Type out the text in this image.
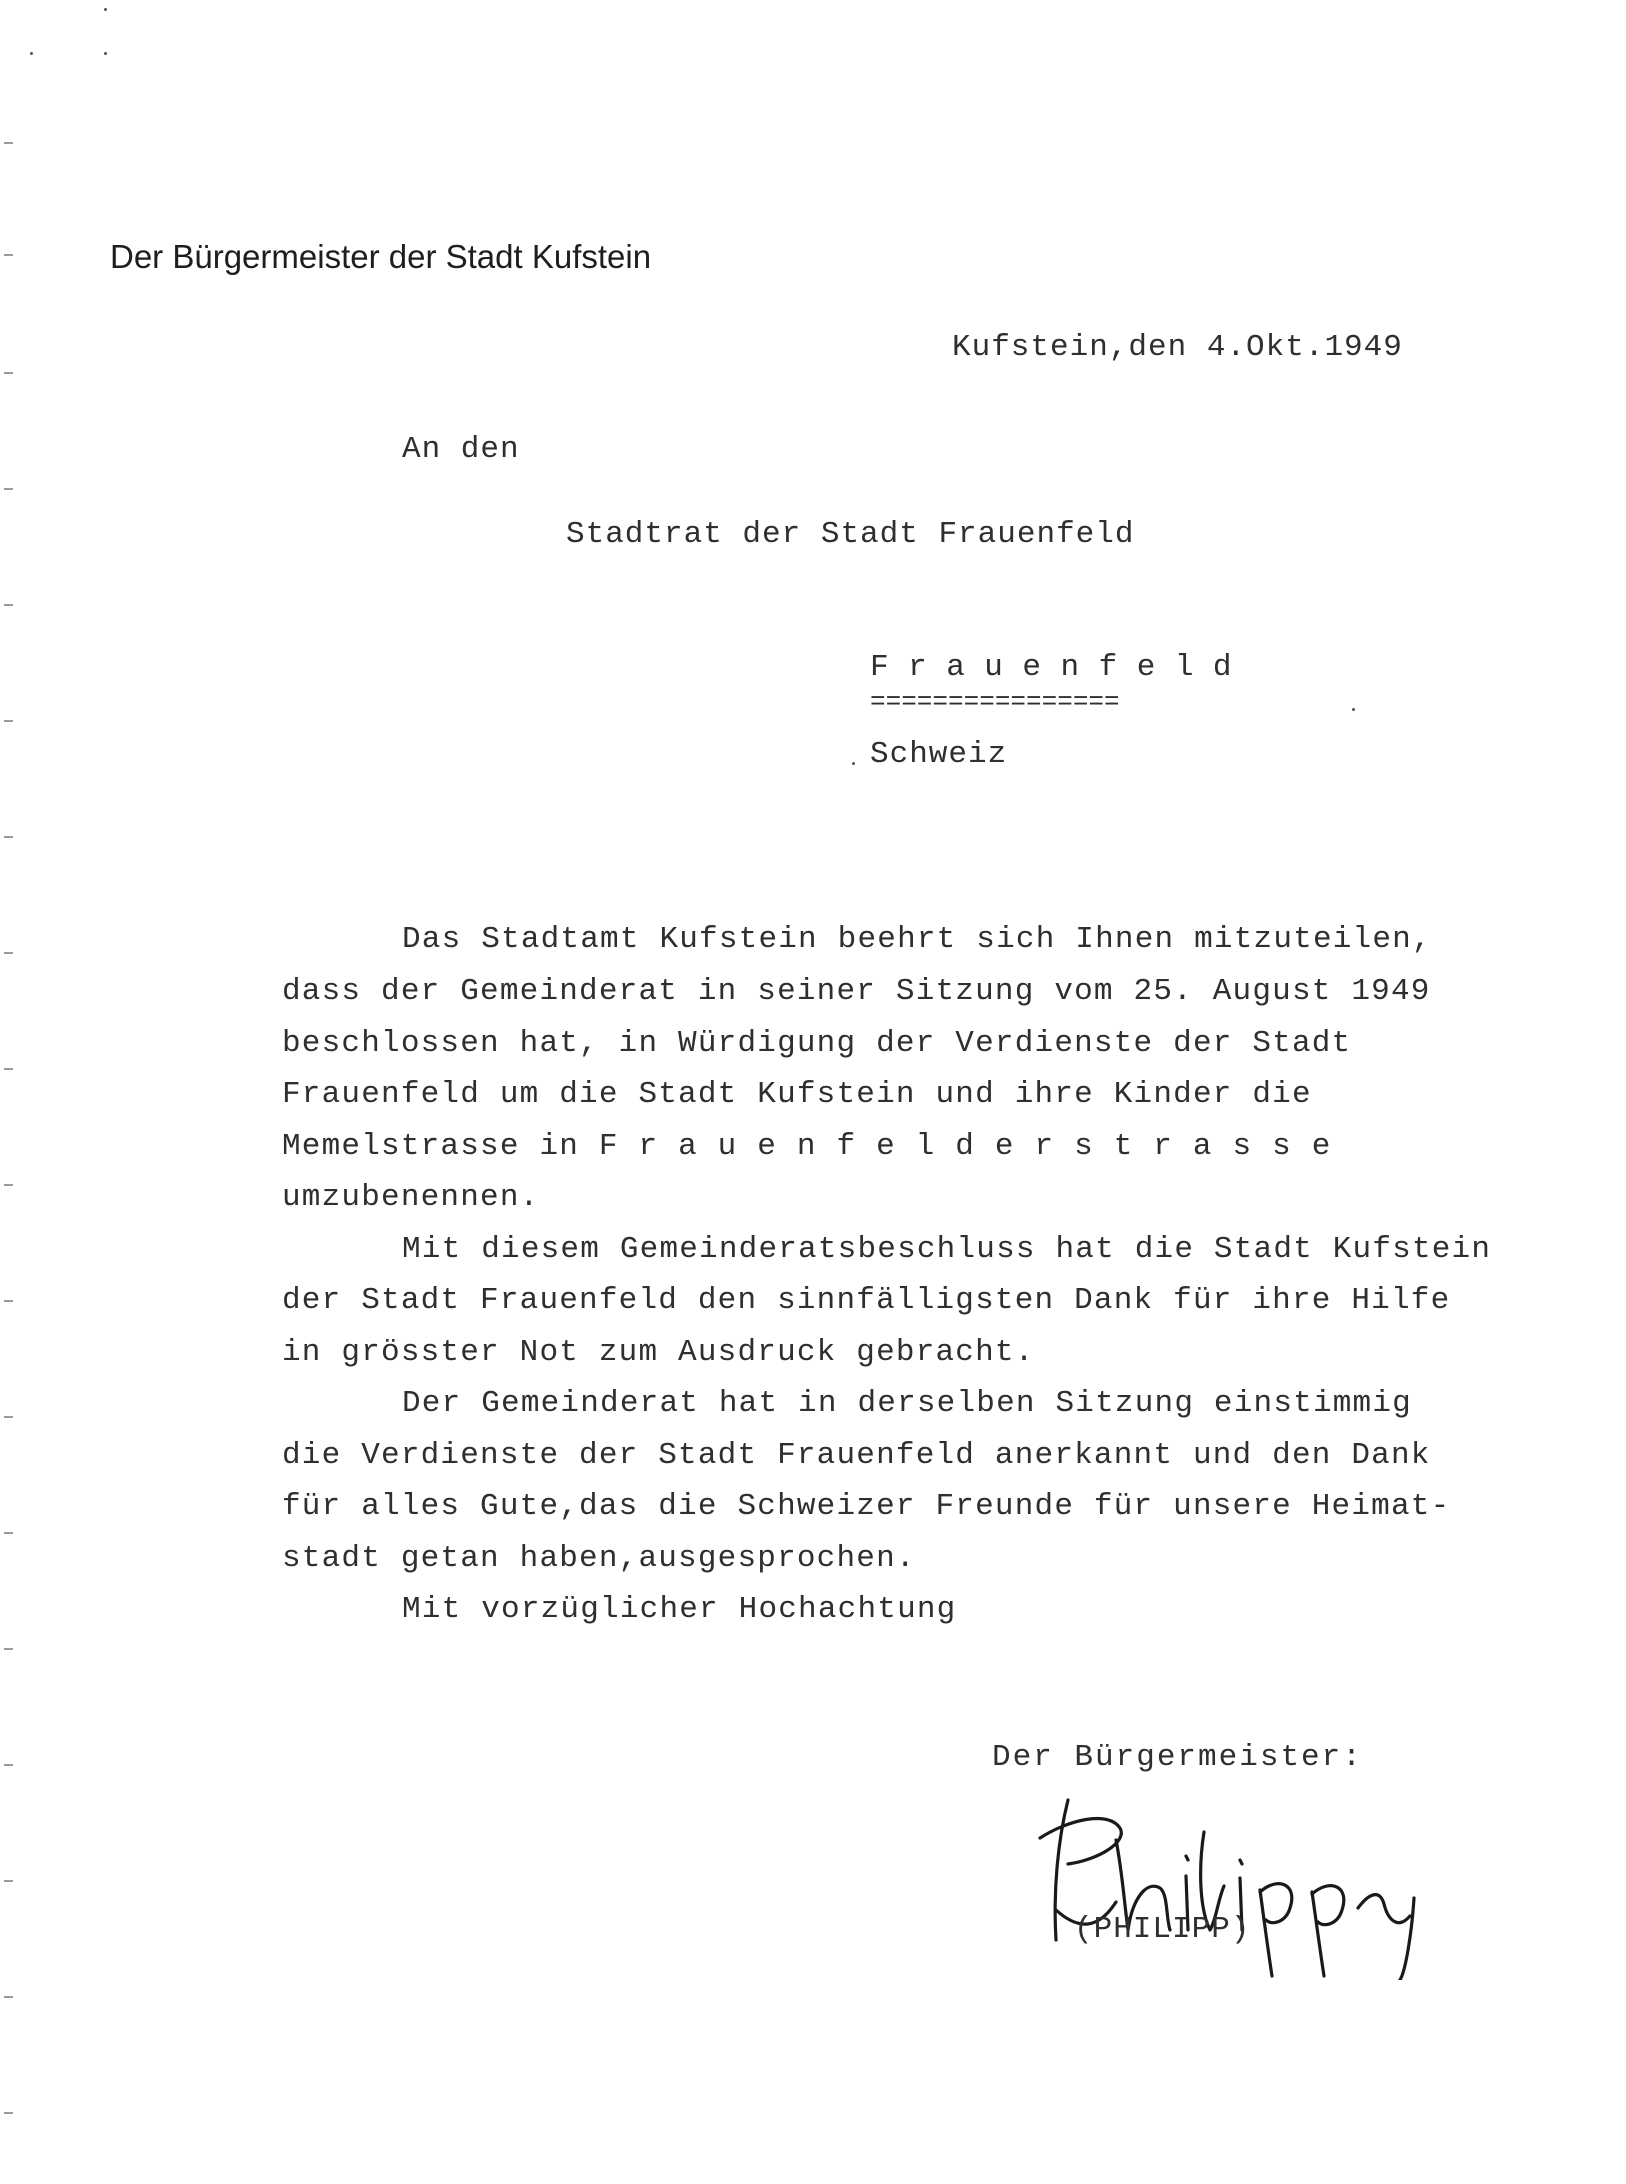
Der Bürgermeister der Stadt Kufstein
Kufstein,den 4.Okt.1949
An den
Stadtrat der Stadt Frauenfeld
Frauenfeld
================
Schweiz
Das Stadtamt Kufstein beehrt sich Ihnen mitzuteilen,
dass der Gemeinderat in seiner Sitzung vom 25. August 1949
beschlossen hat, in Würdigung der Verdienste der Stadt
Frauenfeld um die Stadt Kufstein und ihre Kinder die
Memelstrasse in Frauenfelderstrasse
umzubenennen.
Mit diesem Gemeinderatsbeschluss hat die Stadt Kufstein
der Stadt Frauenfeld den sinnfälligsten Dank für ihre Hilfe
in grösster Not zum Ausdruck gebracht.
Der Gemeinderat hat in derselben Sitzung einstimmig
die Verdienste der Stadt Frauenfeld anerkannt und den Dank
für alles Gute,das die Schweizer Freunde für unsere Heimat-
stadt getan haben,ausgesprochen.
Mit vorzüglicher Hochachtung
Der Bürgermeister:
(PHILIPP)
